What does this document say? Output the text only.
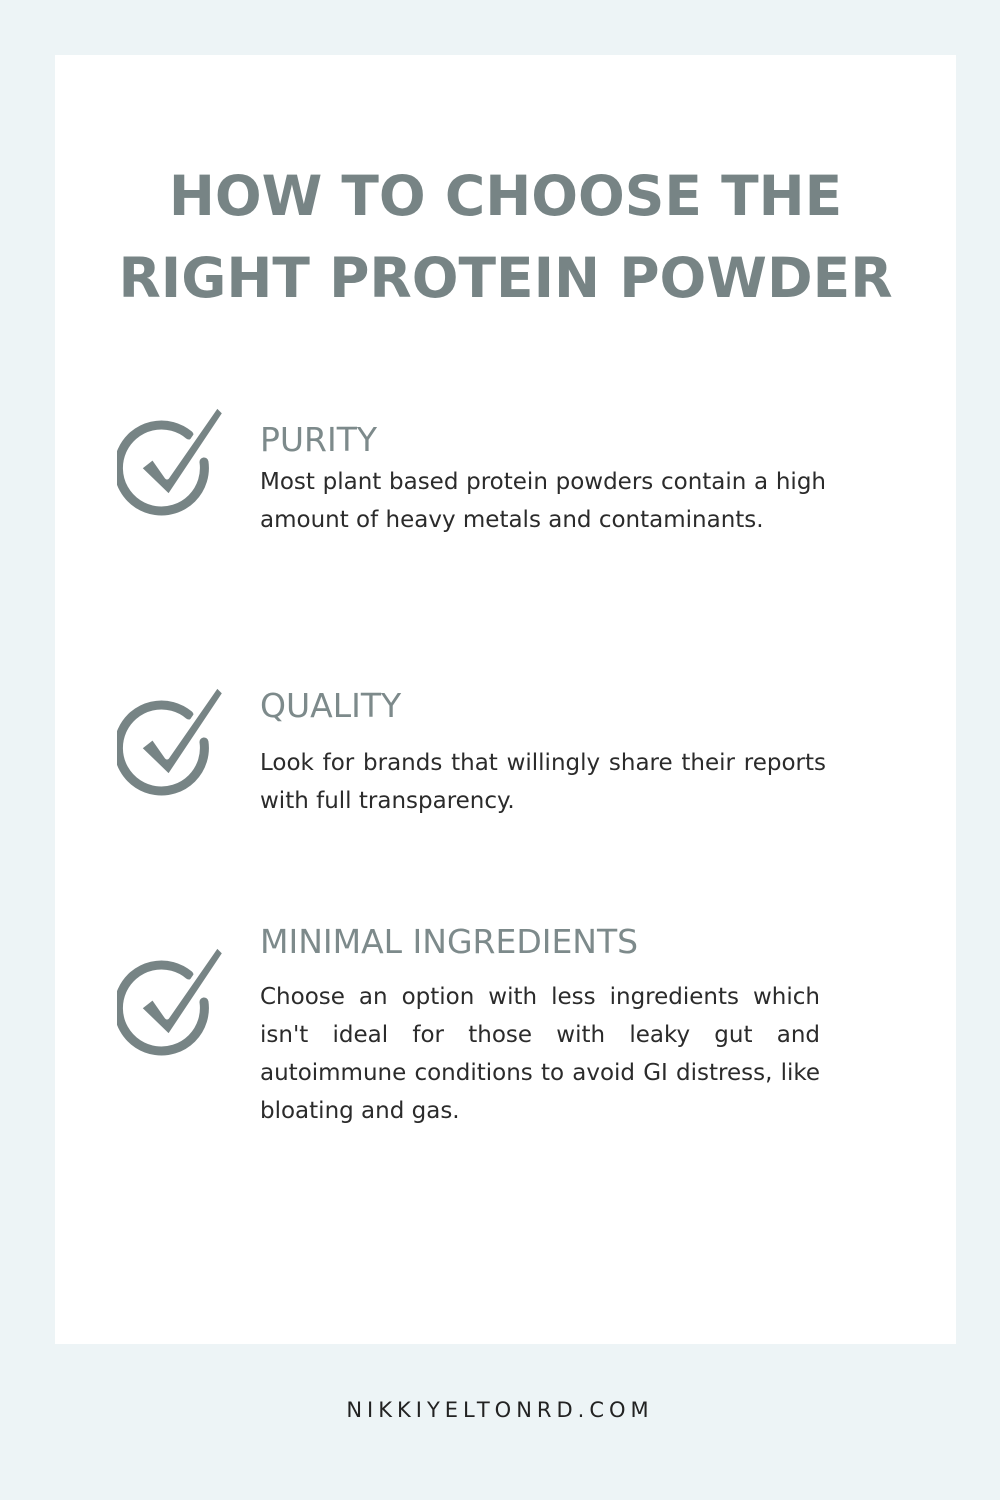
HOW TO CHOOSE THE
RIGHT PROTEIN POWDER
PURITY

Most plant based protein powders contain a high amount of heavy metals and contaminants.

QUALITY

Look for brands that willingly share their reports with full transparency.

MINIMAL INGREDIENTS

Choose an option with less ingredients which isn't ideal for those with leaky gut and autoimmune conditions to avoid GI distress, like bloating and gas.

NIKKIYELTONRD.COM
